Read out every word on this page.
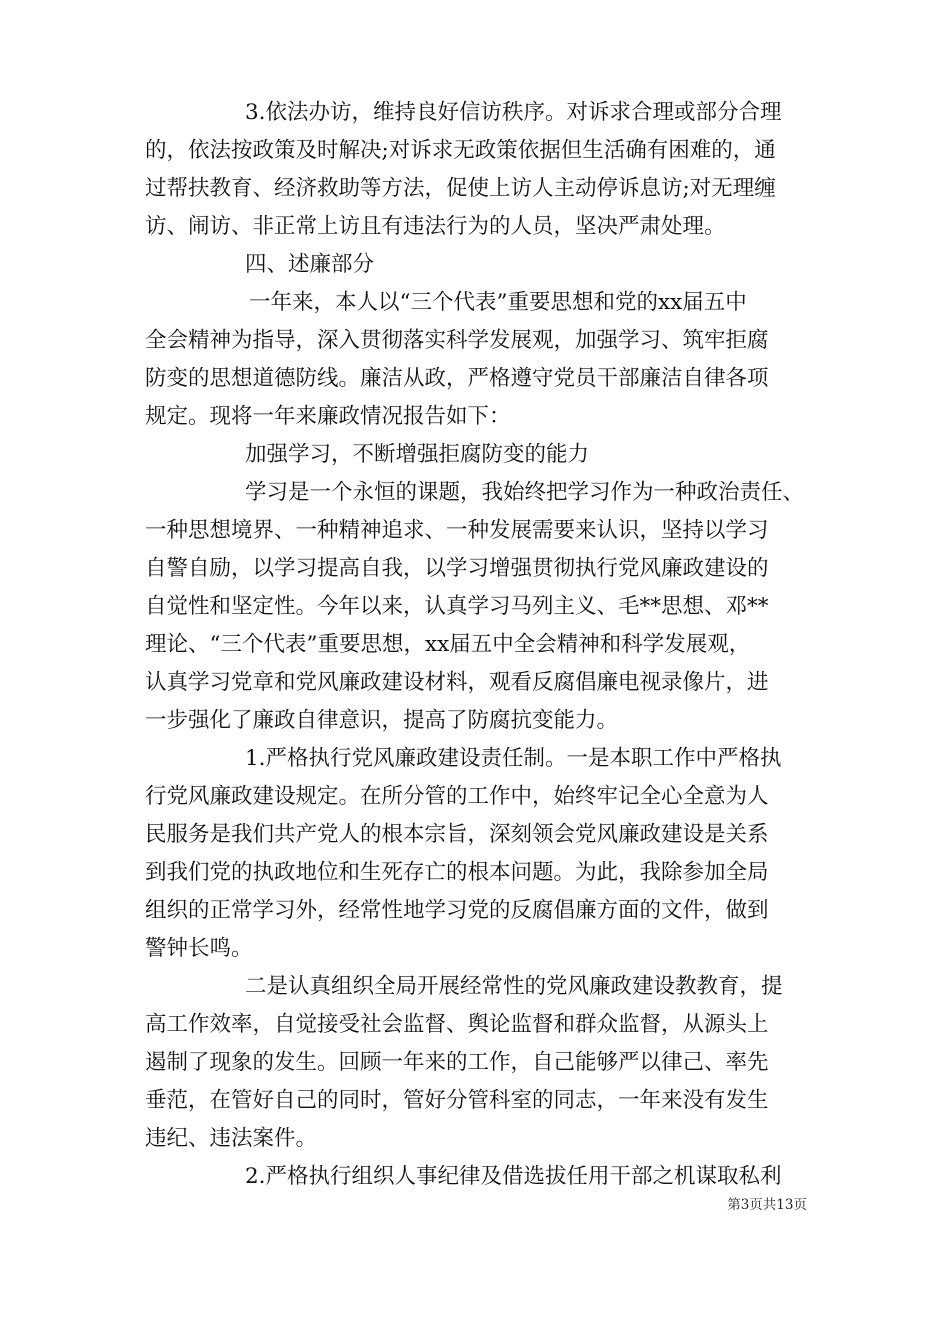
3.依法办访，维持良好信访秩序。对诉求合理或部分合理
的，依法按政策及时解决;对诉求无政策依据但生活确有困难的，通
过帮扶教育、经济救助等方法，促使上访人主动停诉息访;对无理缠
访、闹访、非正常上访且有违法行为的人员，坚决严肃处理。
四、述廉部分
一年来，本人以“三个代表”重要思想和党的xx届五中
全会精神为指导，深入贯彻落实科学发展观，加强学习、筑牢拒腐
防变的思想道德防线。廉洁从政，严格遵守党员干部廉洁自律各项
规定。现将一年来廉政情况报告如下：
加强学习，不断增强拒腐防变的能力
学习是一个永恒的课题，我始终把学习作为一种政治责任、
一种思想境界、一种精神追求、一种发展需要来认识，坚持以学习
自警自励，以学习提高自我，以学习增强贯彻执行党风廉政建设的
自觉性和坚定性。今年以来，认真学习马列主义、毛**思想、邓**
理论、“三个代表”重要思想，xx届五中全会精神和科学发展观，
认真学习党章和党风廉政建设材料，观看反腐倡廉电视录像片，进
一步强化了廉政自律意识，提高了防腐抗变能力。
1.严格执行党风廉政建设责任制。一是本职工作中严格执
行党风廉政建设规定。在所分管的工作中，始终牢记全心全意为人
民服务是我们共产党人的根本宗旨，深刻领会党风廉政建设是关系
到我们党的执政地位和生死存亡的根本问题。为此，我除参加全局
组织的正常学习外，经常性地学习党的反腐倡廉方面的文件，做到
警钟长鸣。
二是认真组织全局开展经常性的党风廉政建设教教育，提
高工作效率，自觉接受社会监督、舆论监督和群众监督，从源头上
遏制了现象的发生。回顾一年来的工作，自己能够严以律己、率先
垂范，在管好自己的同时，管好分管科室的同志，一年来没有发生
违纪、违法案件。
2.严格执行组织人事纪律及借选拔任用干部之机谋取私利
第3页共13页
